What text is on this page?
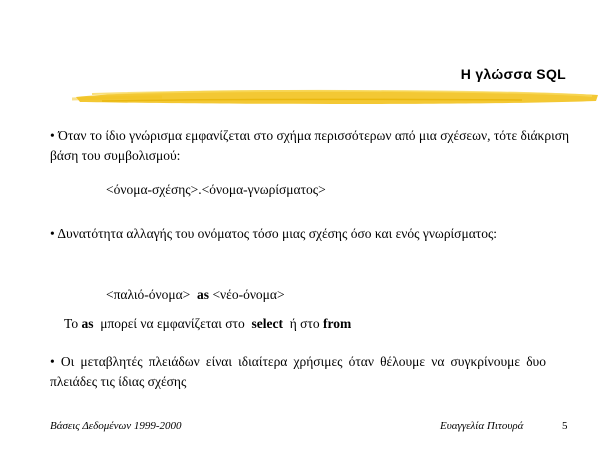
Η γλώσσα SQL
• Όταν το ίδιο γνώρισμα εμφανίζεται στο σχήμα περισσότερων από μια σχέσεων, τότε διάκριση βάση του συμβολισμού:
<όνομα-σχέσης>.<όνομα-γνωρίσματος>
• Δυνατότητα αλλαγής του ονόματος τόσο μιας σχέσης όσο και ενός γνωρίσματος:
<παλιό-όνομα> as <νέο-όνομα>
Το as μπορεί να εμφανίζεται στο select ή στο from
• Οι μεταβλητές πλειάδων είναι ιδιαίτερα χρήσιμες όταν θέλουμε να συγκρίνουμε δυο πλειάδες τις ίδιας σχέσης
Βάσεις Δεδομένων 1999-2000	Ευαγγελία Πιτουρά	5
